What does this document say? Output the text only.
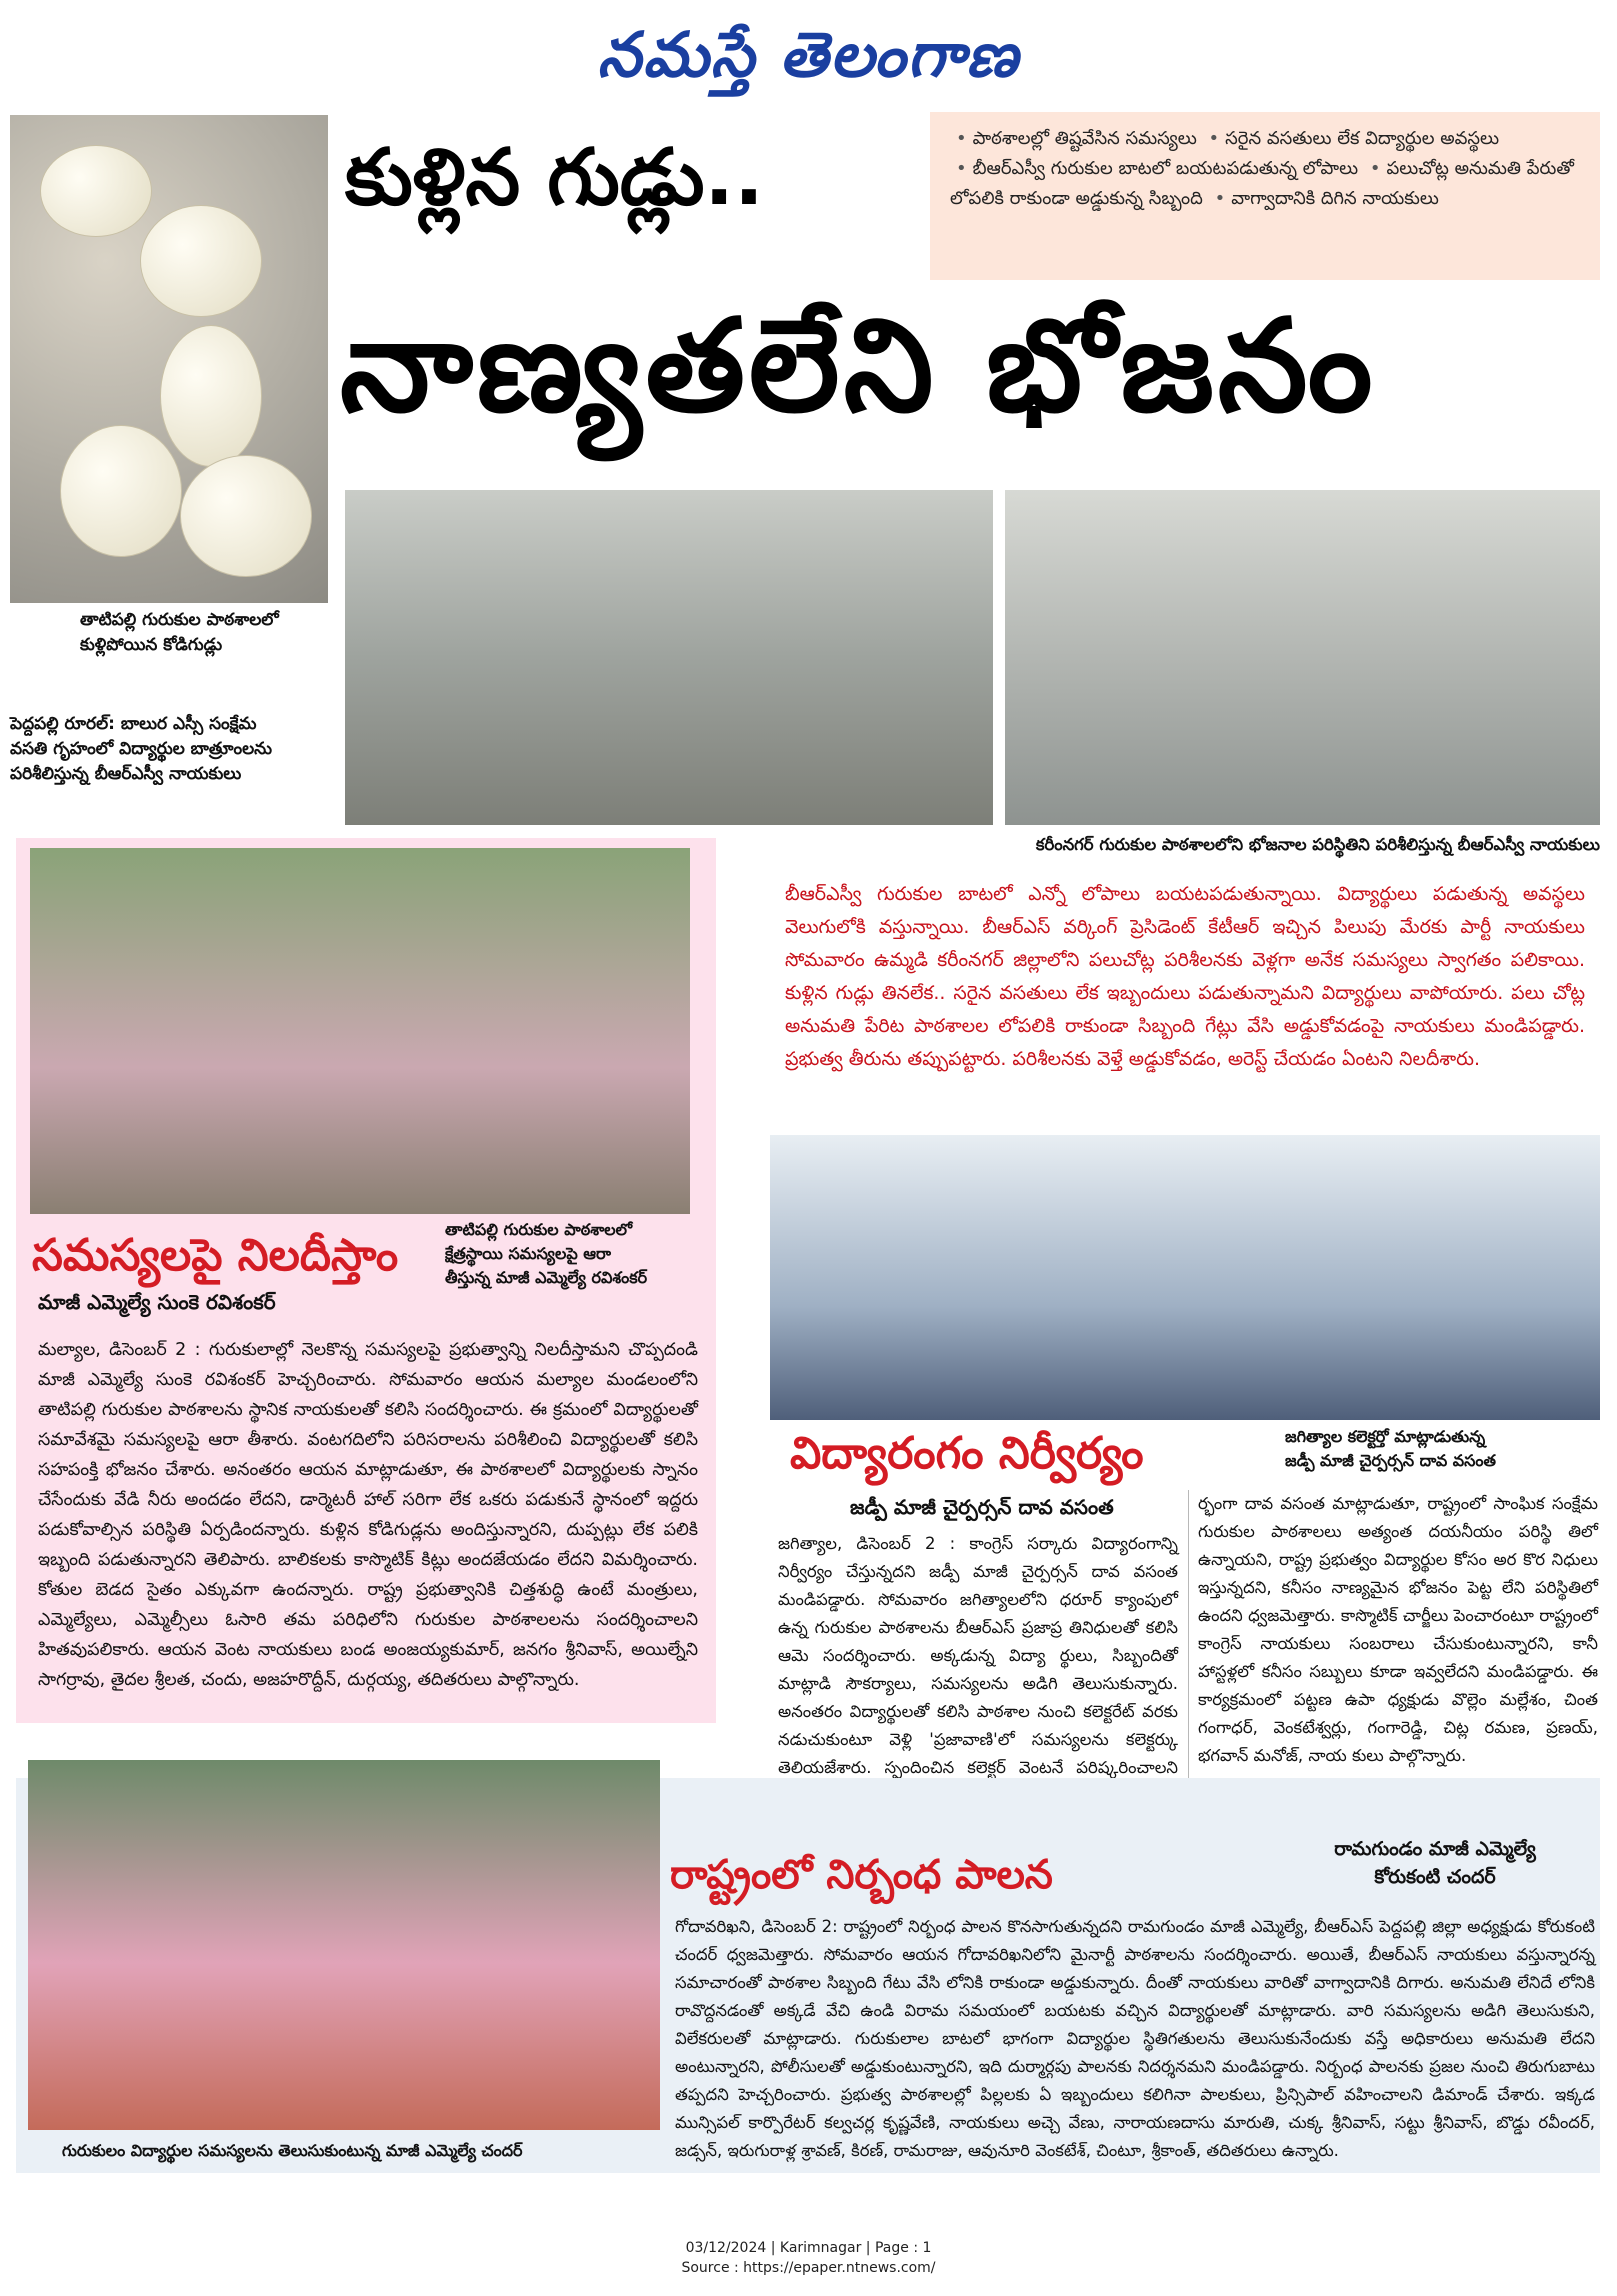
నమస్తే తెలంగాణ
తాటిపల్లి గురుకుల పాఠశాలలో
కుళ్లిపోయిన కోడిగుడ్లు
పెద్దపల్లి రూరల్: బాలుర ఎస్సీ సంక్షేమ
వసతి గృహంలో విద్యార్థుల బాత్రూంలను
పరిశీలిస్తున్న బీఆర్ఎస్వీ నాయకులు
కుళ్లిన గుడ్లు..	• పాఠశాలల్లో తిష్టవేసిన సమస్యలు • సరైన వసతులు లేక విద్యార్థుల అవస్థలు • బీఆర్ఎస్వీ గురుకుల బాటలో బయటపడుతున్న లోపాలు • పలుచోట్ల అనుమతి పేరుతో లోపలికి రాకుండా అడ్డుకున్న సిబ్బంది • వాగ్వాదానికి దిగిన నాయకులు
నాణ్యతలేని భోజనం
కరీంనగర్ గురుకుల పాఠశాలలోని భోజనాల పరిస్థితిని పరిశీలిస్తున్న బీఆర్ఎస్వీ నాయకులు
తాటిపల్లి గురుకుల పాఠశాలలో
క్షేత్రస్థాయి సమస్యలపై ఆరా
తీస్తున్న మాజీ ఎమ్మెల్యే రవిశంకర్
సమస్యలపై నిలదీస్తాం
మాజీ ఎమ్మెల్యే సుంకె రవిశంకర్
మల్యాల, డిసెంబర్ 2 : గురుకులాల్లో నెలకొన్న సమస్యలపై ప్రభుత్వాన్ని నిలదీస్తామని చొప్పదండి మాజీ ఎమ్మెల్యే సుంకె రవిశంకర్ హెచ్చరించారు. సోమవారం ఆయన మల్యాల మండలంలోని తాటిపల్లి గురుకుల పాఠశాలను స్థానిక నాయకులతో కలిసి సందర్శించారు. ఈ క్రమంలో విద్యార్థులతో సమావేశమై సమస్యలపై ఆరా తీశారు. వంటగదిలోని పరిసరాలను పరిశీలించి విద్యార్థులతో కలిసి సహపంక్తి భోజనం చేశారు. అనంతరం ఆయన మాట్లాడుతూ, ఈ పాఠశాలలో విద్యార్థులకు స్నానం చేసేందుకు వేడి నీరు అందడం లేదని, డార్మెటరీ హాల్ సరిగా లేక ఒకరు పడుకునే స్థానంలో ఇద్దరు పడుకోవాల్సిన పరిస్థితి ఏర్పడిందన్నారు. కుళ్లిన కోడిగుడ్లను అందిస్తున్నారని, దుప్పట్లు లేక పలికి ఇబ్బంది పడుతున్నారని తెలిపారు. బాలికలకు కాస్మొటిక్ కిట్లు అందజేయడం లేదని విమర్శించారు. కోతుల బెడద సైతం ఎక్కువగా ఉందన్నారు. రాష్ట్ర ప్రభుత్వానికి చిత్తశుద్ధి ఉంటే మంత్రులు, ఎమ్మెల్యేలు, ఎమ్మెల్సీలు ఓసారి తమ పరిధిలోని గురుకుల పాఠశాలలను సందర్శించాలని హితవుపలికారు. ఆయన వెంట నాయకులు బండ అంజయ్యకుమార్, జనగం శ్రీనివాస్, అయిల్నేని సాగర్రావు, తైదల శ్రీలత, చందు, అజహరొద్దీన్, దుర్గయ్య, తదితరులు పాల్గొన్నారు.
బీఆర్ఎస్వీ గురుకుల బాటలో ఎన్నో లోపాలు బయటపడుతున్నాయి. విద్యార్థులు పడుతున్న అవస్థలు వెలుగులోకి వస్తున్నాయి. బీఆర్ఎస్ వర్కింగ్ ప్రెసిడెంట్ కేటీఆర్ ఇచ్చిన పిలుపు మేరకు పార్టీ నాయకులు సోమవారం ఉమ్మడి కరీంనగర్ జిల్లాలోని పలుచోట్ల పరిశీలనకు వెళ్లగా అనేక సమస్యలు స్వాగతం పలికాయి. కుళ్లిన గుడ్లు తినలేక.. సరైన వసతులు లేక ఇబ్బందులు పడుతున్నామని విద్యార్థులు వాపోయారు. పలు చోట్ల అనుమతి పేరిట పాఠశాలల లోపలికి రాకుండా సిబ్బంది గేట్లు వేసి అడ్డుకోవడంపై నాయకులు మండిపడ్డారు. ప్రభుత్వ తీరును తప్పుపట్టారు. పరిశీలనకు వెళ్తే అడ్డుకోవడం, అరెస్ట్ చేయడం ఏంటని నిలదీశారు.
జగిత్యాల కలెక్టర్తో మాట్లాడుతున్న
జడ్పీ మాజీ చైర్పర్సన్ దావ వసంత
విద్యారంగం నిర్వీర్యం
జడ్పీ మాజీ చైర్పర్సన్ దావ వసంత
జగిత్యాల, డిసెంబర్ 2 : కాంగ్రెస్ సర్కారు విద్యారంగాన్ని నిర్వీర్యం చేస్తున్నదని జడ్పీ మాజీ చైర్పర్సన్ దావ వసంత మండిపడ్డారు. సోమవారం జగిత్యాలలోని ధరూర్ క్యాంపులో ఉన్న గురుకుల పాఠశాలను బీఆర్ఎస్ ప్రజాప్ర తినిధులతో కలిసి ఆమె సందర్శించారు. అక్కడున్న విద్యా ర్థులు, సిబ్బందితో మాట్లాడి సౌకర్యాలు, సమస్యలను అడిగి తెలుసుకున్నారు. అనంతరం విద్యార్థులతో కలిసి పాఠశాల నుంచి కలెక్టరేట్ వరకు నడుచుకుంటూ వెళ్లి 'ప్రజావాణి'లో సమస్యలను కలెక్టర్కు తెలియజేశారు. స్పందించిన కలెక్టర్ వెంటనే పరిష్కరించాలని
ర్భంగా దావ వసంత మాట్లాడుతూ, రాష్ట్రంలో సాంఘిక సంక్షేమ గురుకుల పాఠశాలలు అత్యంత దయనీయం పరిస్థి తిలో ఉన్నాయని, రాష్ట్ర ప్రభుత్వం విద్యార్థుల కోసం అర కొర నిధులు ఇస్తున్నదని, కనీసం నాణ్యమైన భోజనం పెట్ట లేని పరిస్థితిలో ఉందని ధ్వజమెత్తారు. కాస్మొటిక్ చార్జీలు పెంచారంటూ రాష్ట్రంలో కాంగ్రెస్ నాయకులు సంబరాలు చేసుకుంటున్నారని, కానీ హాస్టళ్లలో కనీసం సబ్బులు కూడా ఇవ్వలేదని మండిపడ్డారు. ఈ కార్యక్రమంలో పట్టణ ఉపా ధ్యక్షుడు వొల్లెం మల్లేశం, చింత గంగాధర్, వెంకటేశ్వర్లు, గంగారెడ్డి, చిట్ల రమణ, ప్రణయ్, భగవాన్ మనోజ్, నాయ కులు పాల్గొన్నారు.
గురుకులం విద్యార్థుల సమస్యలను తెలుసుకుంటున్న మాజీ ఎమ్మెల్యే చందర్
రాష్ట్రంలో నిర్బంధ పాలన
రామగుండం మాజీ ఎమ్మెల్యే
కోరుకంటి చందర్
గోదావరిఖని, డిసెంబర్ 2: రాష్ట్రంలో నిర్బంధ పాలన కొనసాగుతున్నదని రామగుండం మాజీ ఎమ్మెల్యే, బీఆర్ఎస్ పెద్దపల్లి జిల్లా అధ్యక్షుడు కోరుకంటి చందర్ ధ్వజమెత్తారు. సోమవారం ఆయన గోదావరిఖనిలోని మైనార్టీ పాఠశాలను సందర్శించారు. అయితే, బీఆర్ఎస్ నాయకులు వస్తున్నారన్న సమాచారంతో పాఠశాల సిబ్బంది గేటు వేసి లోనికి రాకుండా అడ్డుకున్నారు. దీంతో నాయకులు వారితో వాగ్వాదానికి దిగారు. అనుమతి లేనిదే లోనికి రావొద్దనడంతో అక్కడే వేచి ఉండి విరామ సమయంలో బయటకు వచ్చిన విద్యార్థులతో మాట్లాడారు. వారి సమస్యలను అడిగి తెలుసుకుని, విలేకరులతో మాట్లాడారు. గురుకులాల బాటలో భాగంగా విద్యార్థుల స్థితిగతులను తెలుసుకునేందుకు వస్తే అధికారులు అనుమతి లేదని అంటున్నారని, పోలీసులతో అడ్డుకుంటున్నారని, ఇది దుర్మార్గపు పాలనకు నిదర్శనమని మండిపడ్డారు. నిర్బంధ పాలనకు ప్రజల నుంచి తిరుగుబాటు తప్పదని హెచ్చరించారు. ప్రభుత్వ పాఠశాలల్లో పిల్లలకు ఏ ఇబ్బందులు కలిగినా పాలకులు, ప్రిన్సిపాల్ వహించాలని డిమాండ్ చేశారు. ఇక్కడ మున్సిపల్ కార్పొరేటర్ కల్వచర్ల కృష్ణవేణి, నాయకులు అచ్చె వేణు, నారాయణదాసు మారుతి, చుక్క శ్రీనివాస్, సట్టు శ్రీనివాస్, బొడ్డు రవీందర్, జడ్సన్, ఇరుగురాళ్ల శ్రావణ్, కిరణ్, రామరాజు, ఆవునూరి వెంకటేశ్, చింటూ, శ్రీకాంత్, తదితరులు ఉన్నారు.
03/12/2024 | Karimnagar | Page : 1
Source : https://epaper.ntnews.com/
